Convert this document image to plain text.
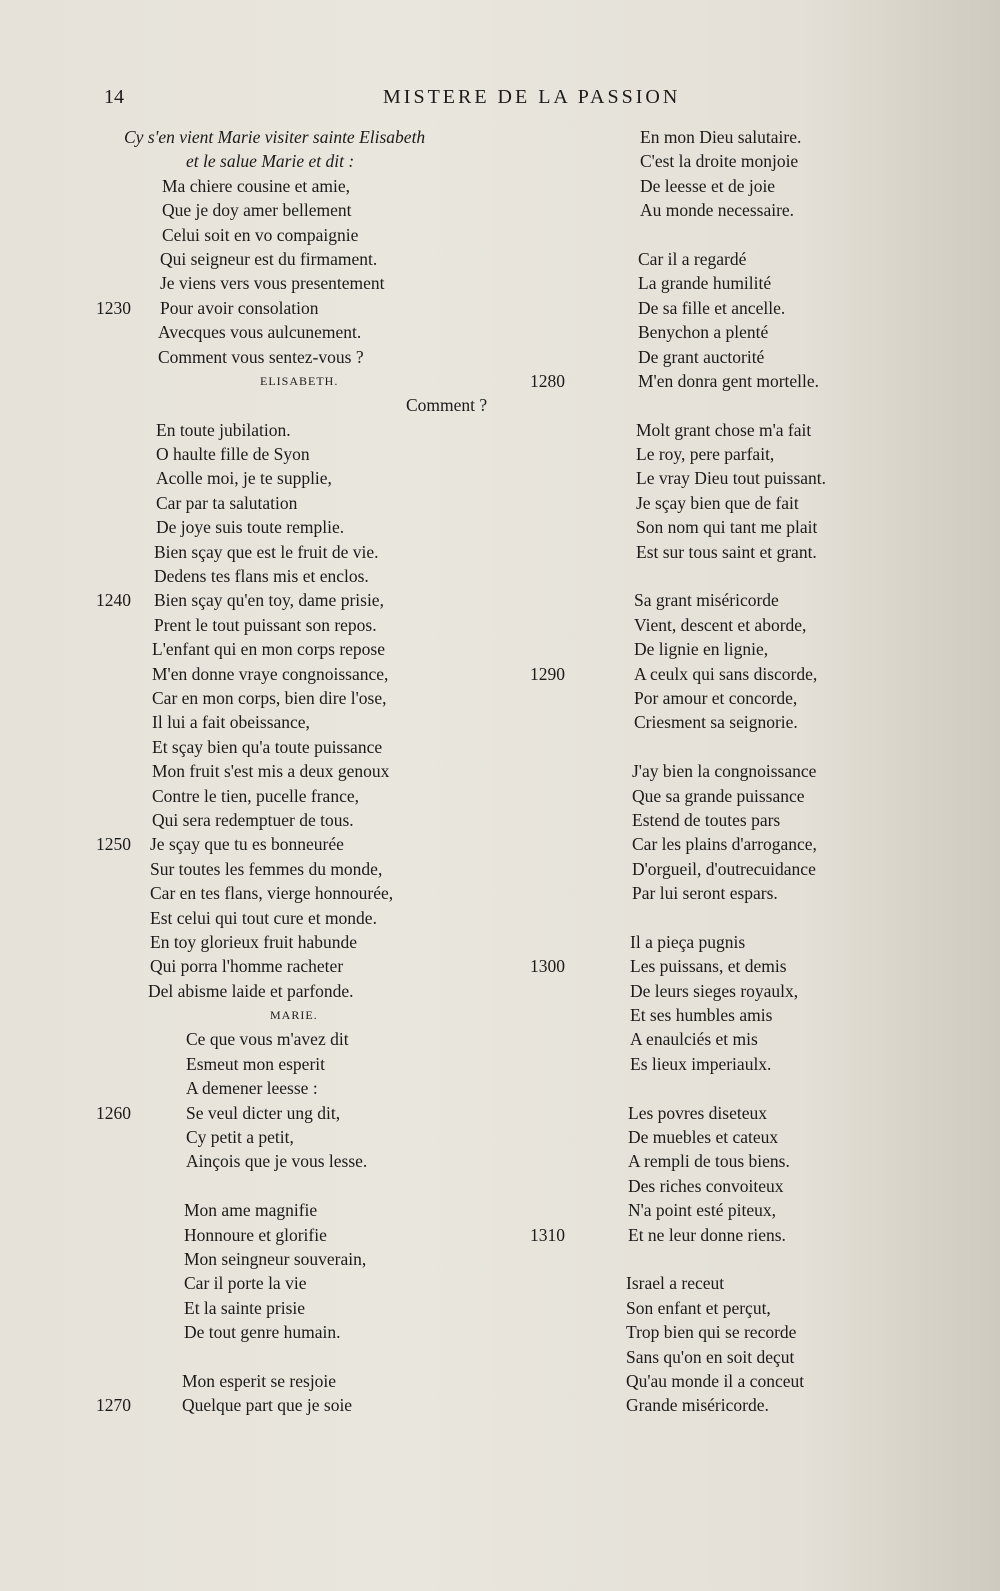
14	MISTERE DE LA PASSION
Cy s'en vient Marie visiter sainte Elisabeth
et le salue Marie et dit :
Ma chiere cousine et amie,
Que je doy amer bellement
Celui soit en vo compaignie
Qui seigneur est du firmament.
Je viens vers vous presentement
1230 Pour avoir consolation
Avecques vous aulcunement.
Comment vous sentez-vous ?
ELISABETH.
Comment ?
En toute jubilation.
O haulte fille de Syon
Acolle moi, je te supplie,
Car par ta salutation
De joye suis toute remplie.
Bien sçay que est le fruit de vie.
Dedens tes flans mis et enclos.
1240 Bien sçay qu'en toy, dame prisie,
Prent le tout puissant son repos.
L'enfant qui en mon corps repose
M'en donne vraye congnoissance,
Car en mon corps, bien dire l'ose,
Il lui a fait obeissance,
Et sçay bien qu'a toute puissance
Mon fruit s'est mis a deux genoux
Contre le tien, pucelle france,
Qui sera redemptuer de tous.
1250 Je sçay que tu es bonneurée
Sur toutes les femmes du monde,
Car en tes flans, vierge honnourée,
Est celui qui tout cure et monde.
En toy glorieux fruit habunde
Qui porra l'homme racheter
Del abisme laide et parfonde.
MARIE.
Ce que vous m'avez dit
Esmeut mon esperit
A demener leesse :
1260	Se veul dicter ung dit,
Cy petit a petit,
Ainçois que je vous lesse.
Mon ame magnifie
Honnoure et glorifie
Mon seingneur souverain,
Car il porte la vie
Et la sainte prisie
De tout genre humain.
Mon esperit se resjoie
1270	Quelque part que je soie
En mon Dieu salutaire.
C'est la droite monjoie
De leesse et de joie
Au monde necessaire.
Car il a regardé
La grande humilité
De sa fille et ancelle.
Benychon a plenté
De grant auctorité
1280	M'en donra gent mortelle.
Molt grant chose m'a fait
Le roy, pere parfait,
Le vray Dieu tout puissant.
Je sçay bien que de fait
Son nom qui tant me plait
Est sur tous saint et grant.
Sa grant miséricorde
Vient, descent et aborde,
De lignie en lignie,
1290	A ceulx qui sans discorde,
Por amour et concorde,
Criesment sa seignorie.
J'ay bien la congnoissance
Que sa grande puissance
Estend de toutes pars
Car les plains d'arrogance,
D'orgueil, d'outrecuidance
Par lui seront espars.
Il a pieça pugnis
1300	Les puissans, et demis
De leurs sieges royaulx,
Et ses humbles amis
A enaulciés et mis
Es lieux imperiaulx.
Les povres diseteux
De muebles et cateux
A rempli de tous biens.
Des riches convoiteux
N'a point esté piteux,
1310	Et ne leur donne riens.
Israel a receut
Son enfant et perçut,
Trop bien qui se recorde
Sans qu'on en soit deçut
Qu'au monde il a conceut
Grande miséricorde.
